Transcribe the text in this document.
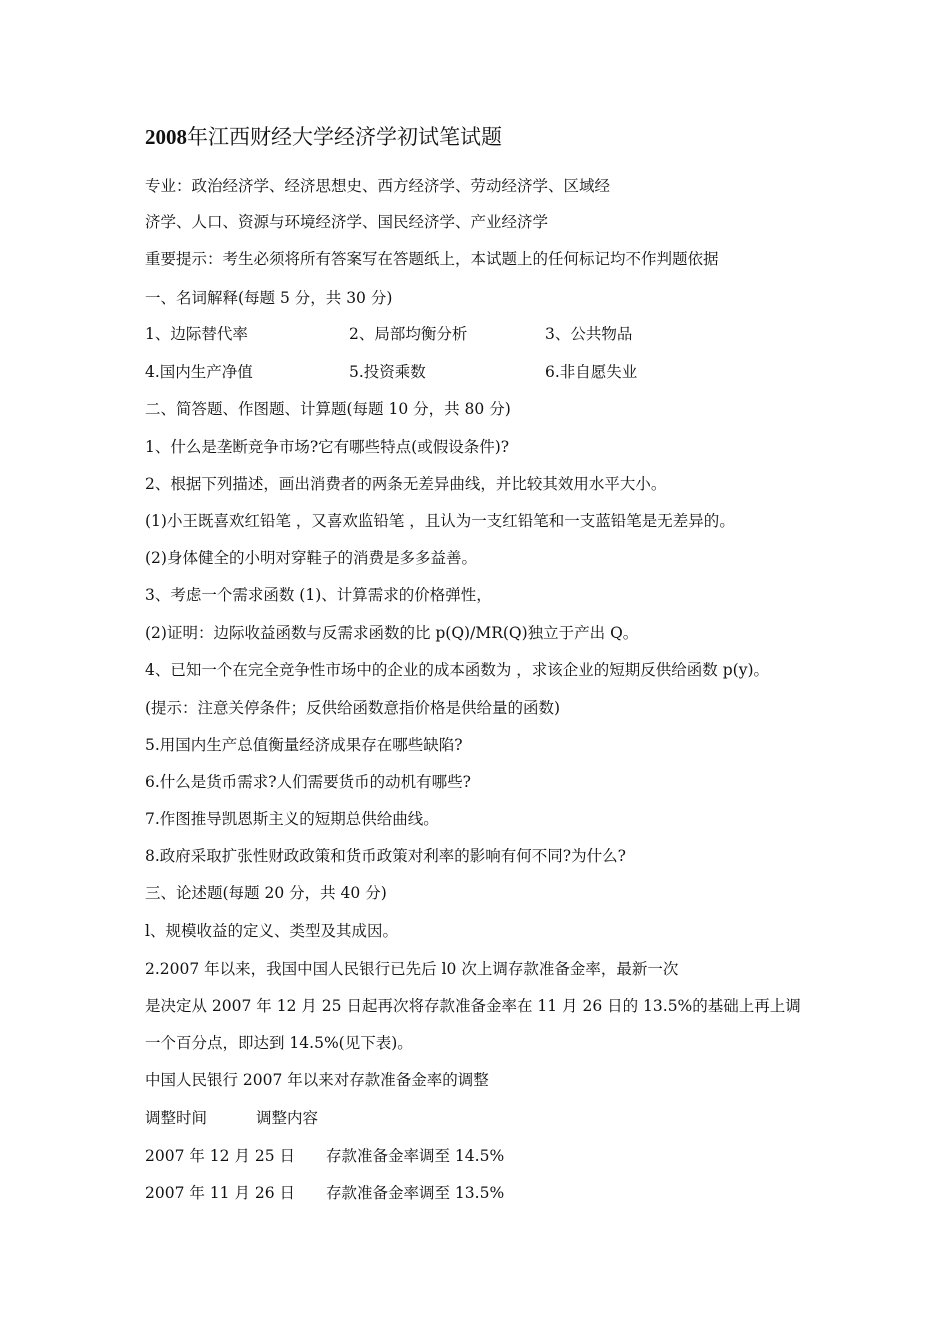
2008年江西财经大学经济学初试笔试题
专业：政治经济学、经济思想史、西方经济学、劳动经济学、区域经
济学、人口、资源与环境经济学、国民经济学、产业经济学
重要提示：考生必须将所有答案写在答题纸上，本试题上的任何标记均不作判题依据
一、名词解释(每题 5 分，共 30 分)
1、边际替代率	2、局部均衡分析	3、公共物品
4.国内生产净值	5.投资乘数	6.非自愿失业
二、简答题、作图题、计算题(每题 10 分，共 80 分)
1、什么是垄断竞争市场?它有哪些特点(或假设条件)?
2、根据下列描述，画出消费者的两条无差异曲线，并比较其效用水平大小。
(1)小王既喜欢红铅笔 ，又喜欢监铅笔 ，且认为一支红铅笔和一支蓝铅笔是无差异的。
(2)身体健全的小明对穿鞋子的消费是多多益善。
3、考虑一个需求函数 (1)、计算需求的价格弹性，
(2)证明：边际收益函数与反需求函数的比 p(Q)/MR(Q)独立于产出 Q。
4、已知一个在完全竞争性市场中的企业的成本函数为 ，求该企业的短期反供给函数 p(y)。
(提示：注意关停条件；反供给函数意指价格是供给量的函数)
5.用国内生产总值衡量经济成果存在哪些缺陷?
6.什么是货币需求?人们需要货币的动机有哪些?
7.作图推导凯恩斯主义的短期总供给曲线。
8.政府采取扩张性财政政策和货币政策对利率的影响有何不同?为什么?
三、论述题(每题 20 分，共 40 分)
l、规模收益的定义、类型及其成因。
2.2007 年以来，我国中国人民银行已先后 l0 次上调存款准备金率，最新一次
是决定从 2007 年 12 月 25 日起再次将存款准备金率在 11 月 26 日的 13.5%的基础上再上调
一个百分点，即达到 14.5%(见下表)。
中国人民银行 2007 年以来对存款准备金率的调整
调整时间	调整内容
2007 年 12 月 25 日 存款准备金率调至 14.5%
2007 年 11 月 26 日 存款准备金率调至 13.5%
